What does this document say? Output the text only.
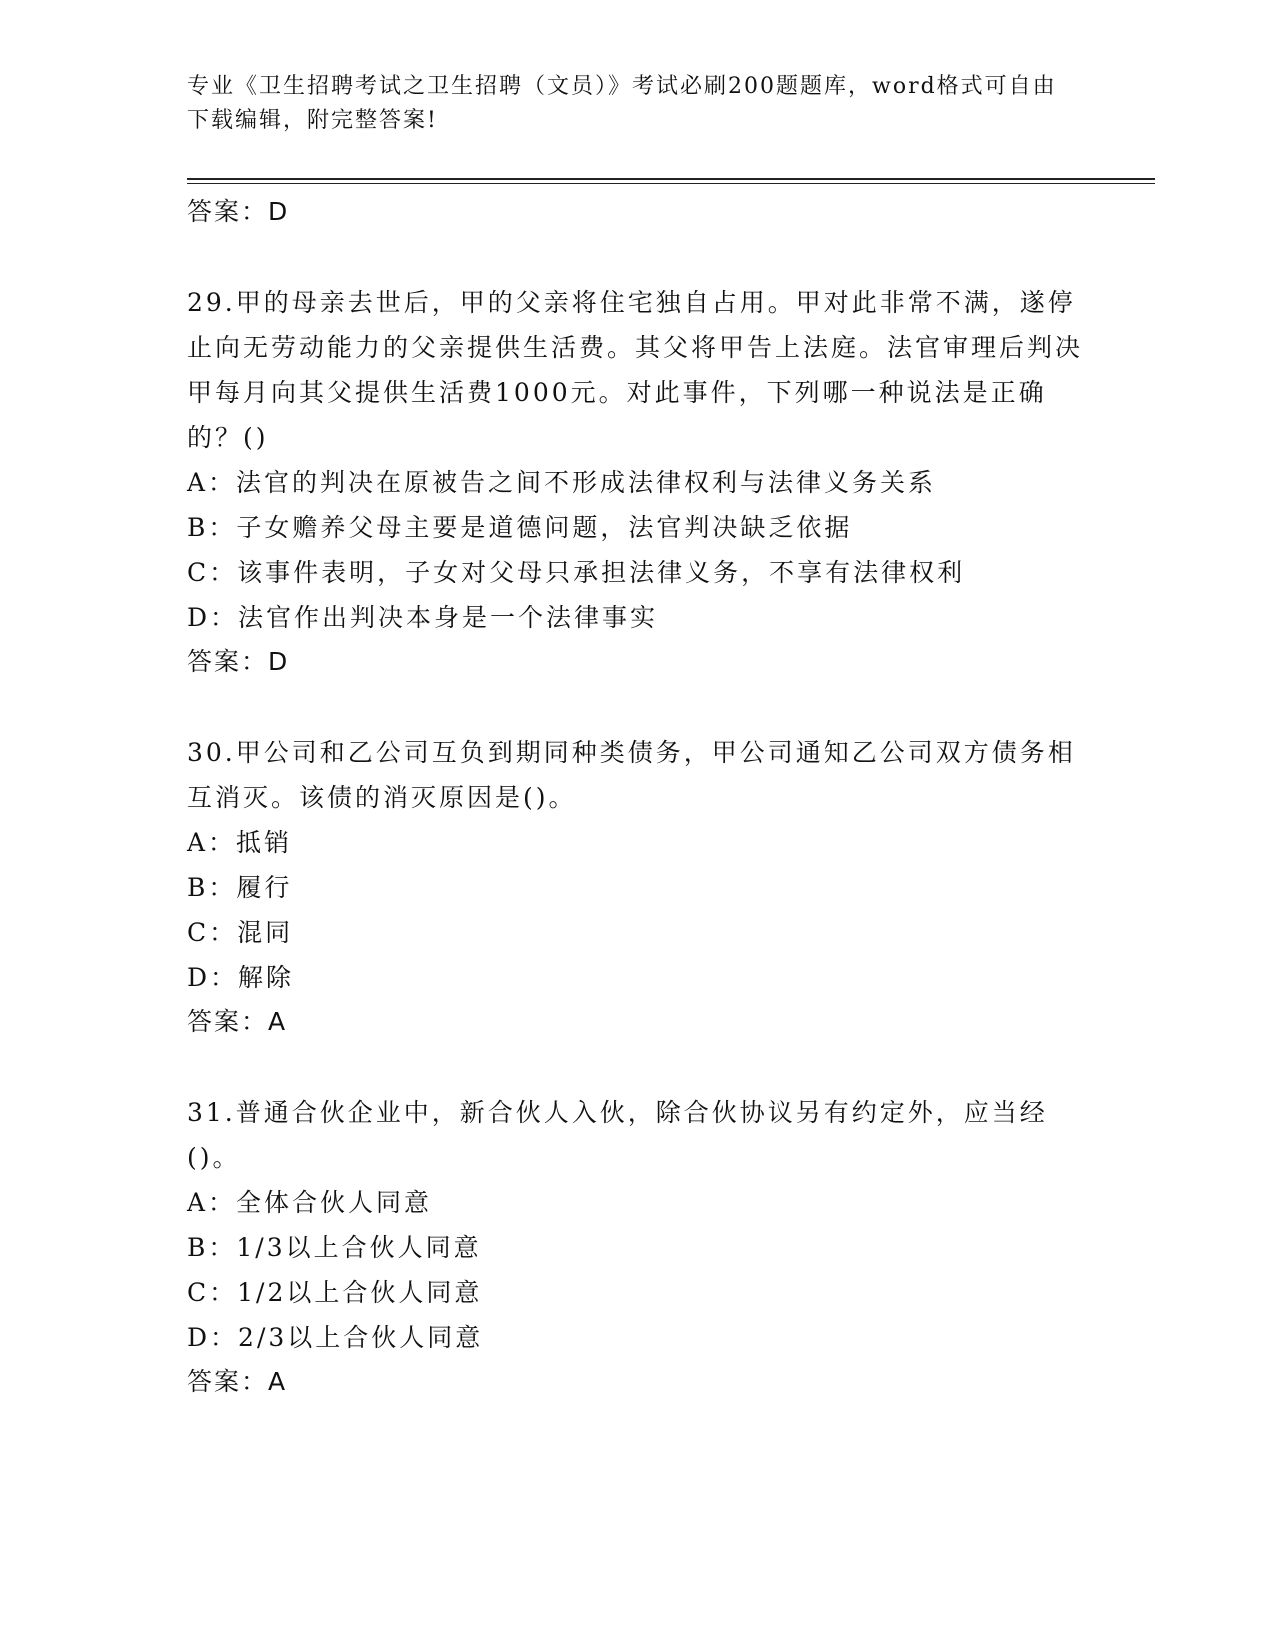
专业《卫生招聘考试之卫生招聘（文员）》考试必刷200题题库，word格式可自由下载编辑，附完整答案!
答案：D
29.甲的母亲去世后，甲的父亲将住宅独自占用。甲对此非常不满，遂停止向无劳动能力的父亲提供生活费。其父将甲告上法庭。法官审理后判决甲每月向其父提供生活费1000元。对此事件，下列哪一种说法是正确的？()
A：法官的判决在原被告之间不形成法律权利与法律义务关系
B：子女赡养父母主要是道德问题，法官判决缺乏依据
C：该事件表明，子女对父母只承担法律义务，不享有法律权利
D：法官作出判决本身是一个法律事实
答案：D
30.甲公司和乙公司互负到期同种类债务，甲公司通知乙公司双方债务相互消灭。该债的消灭原因是()。
A：抵销
B：履行
C：混同
D：解除
答案：A
31.普通合伙企业中，新合伙人入伙，除合伙协议另有约定外，应当经()。
A：全体合伙人同意
B：1/3以上合伙人同意
C：1/2以上合伙人同意
D：2/3以上合伙人同意
答案：A
